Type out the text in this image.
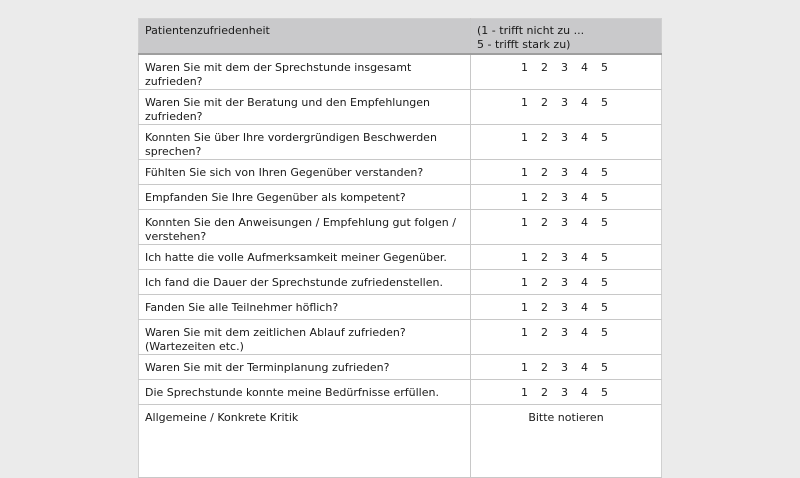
Patientenzufriedenheit	(1 - trifft nicht zu ...
5 - trifft stark zu)

Waren Sie mit dem der Sprechstunde insgesamt zufrieden?	1 2 3 4 5

Waren Sie mit der Beratung und den Empfehlungen zufrieden?	1 2 3 4 5

Konnten Sie über Ihre vordergründigen Beschwerden sprechen?	1 2 3 4 5

Fühlten Sie sich von Ihren Gegenüber verstanden?	1 2 3 4 5

Empfanden Sie Ihre Gegenüber als kompetent?	1 2 3 4 5

Konnten Sie den Anweisungen / Empfehlung gut folgen / verstehen?	1 2 3 4 5

Ich hatte die volle Aufmerksamkeit meiner Gegenüber.	1 2 3 4 5

Ich fand die Dauer der Sprechstunde zufriedenstellen.	1 2 3 4 5

Fanden Sie alle Teilnehmer höflich?	1 2 3 4 5

Waren Sie mit dem zeitlichen Ablauf zufrieden? (Wartezeiten etc.)	1 2 3 4 5

Waren Sie mit der Terminplanung zufrieden?	1 2 3 4 5

Die Sprechstunde konnte meine Bedürfnisse erfüllen.	1 2 3 4 5

Allgemeine / Konkrete Kritik	Bitte notieren
